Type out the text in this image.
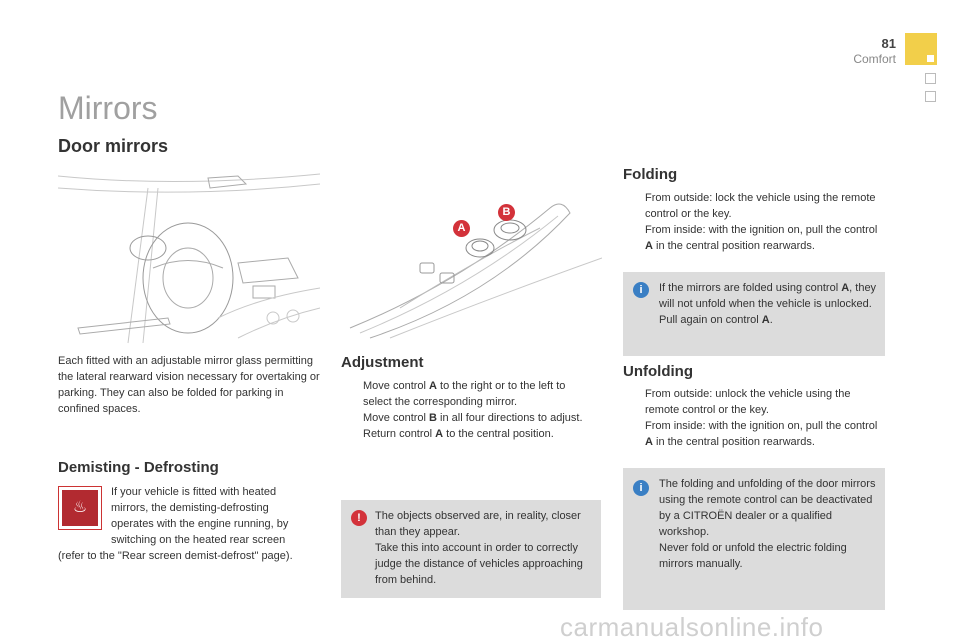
81
Comfort
Mirrors
Door mirrors
A
B
Each fitted with an adjustable mirror glass permitting the lateral rearward vision necessary for overtaking or parking. They can also be folded for parking in confined spaces.
Demisting - Defrosting
♨
If your vehicle is fitted with heated
mirrors, the demisting-defrosting
operates with the engine running, by
switching on the heated rear screen
(refer to the "Rear screen demist-defrost" page).
Adjustment
Move control A to the right or to the left to select the corresponding mirror.
Move control B in all four directions to adjust.
Return control A to the central position.
!	The objects observed are, in reality, closer than they appear.
Take this into account in order to correctly judge the distance of vehicles approaching from behind.
Folding
From outside: lock the vehicle using the remote control or the key.
From inside: with the ignition on, pull the control A in the central position rearwards.
i	If the mirrors are folded using control A, they will not unfold when the vehicle is unlocked. Pull again on control A.
Unfolding
From outside: unlock the vehicle using the remote control or the key.
From inside: with the ignition on, pull the control A in the central position rearwards.
i	The folding and unfolding of the door mirrors using the remote control can be deactivated by a CITROËN dealer or a qualified workshop.
Never fold or unfold the electric folding mirrors manually.
carmanualsonline.info
